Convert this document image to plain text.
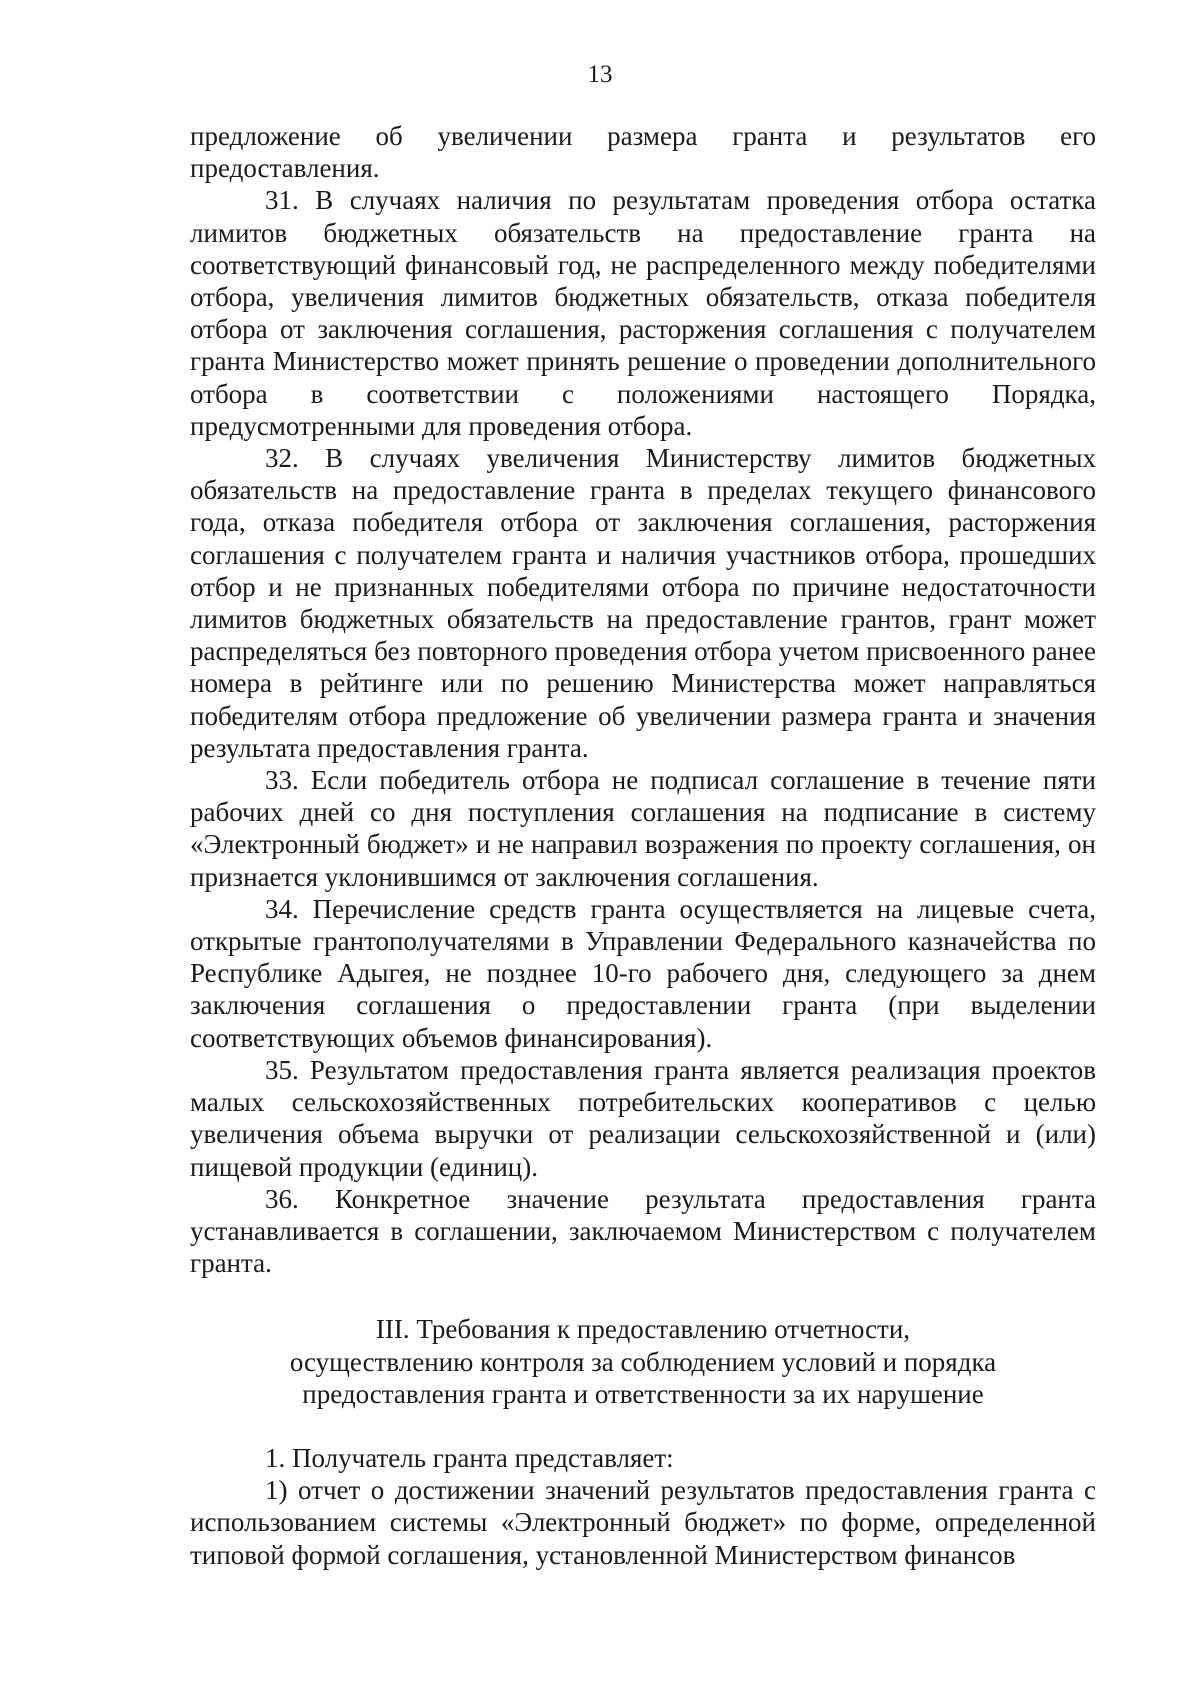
13

предложение об увеличении размера гранта и результатов его предоставления.

31. В случаях наличия по результатам проведения отбора остатка лимитов бюджетных обязательств на предоставление гранта на соответствующий финансовый год, не распределенного между победителями отбора, увеличения лимитов бюджетных обязательств, отказа победителя отбора от заключения соглашения, расторжения соглашения с получателем гранта Министерство может принять решение о проведении дополнительного отбора в соответствии с положениями настоящего Порядка, предусмотренными для проведения отбора.

32. В случаях увеличения Министерству лимитов бюджетных обязательств на предоставление гранта в пределах текущего финансового года, отказа победителя отбора от заключения соглашения, расторжения соглашения с получателем гранта и наличия участников отбора, прошедших отбор и не признанных победителями отбора по причине недостаточности лимитов бюджетных обязательств на предоставление грантов, грант может распределяться без повторного проведения отбора учетом присвоенного ранее номера в рейтинге или по решению Министерства может направляться победителям отбора предложение об увеличении размера гранта и значения результата предоставления гранта.

33. Если победитель отбора не подписал соглашение в течение пяти рабочих дней со дня поступления соглашения на подписание в систему «Электронный бюджет» и не направил возражения по проекту соглашения, он признается уклонившимся от заключения соглашения.

34. Перечисление средств гранта осуществляется на лицевые счета, открытые грантополучателями в Управлении Федерального казначейства по Республике Адыгея, не позднее 10-го рабочего дня, следующего за днем заключения соглашения о предоставлении гранта (при выделении соответствующих объемов финансирования).

35. Результатом предоставления гранта является реализация проектов малых сельскохозяйственных потребительских кооперативов с целью увеличения объема выручки от реализации сельскохозяйственной и (или) пищевой продукции (единиц).

36. Конкретное значение результата предоставления гранта устанавливается в соглашении, заключаемом Министерством с получателем гранта.

III. Требования к предоставлению отчетности,
осуществлению контроля за соблюдением условий и порядка
предоставления гранта и ответственности за их нарушение

1. Получатель гранта представляет:

1) отчет о достижении значений результатов предоставления гранта с использованием системы «Электронный бюджет» по форме, определенной типовой формой соглашения, установленной Министерством финансов
